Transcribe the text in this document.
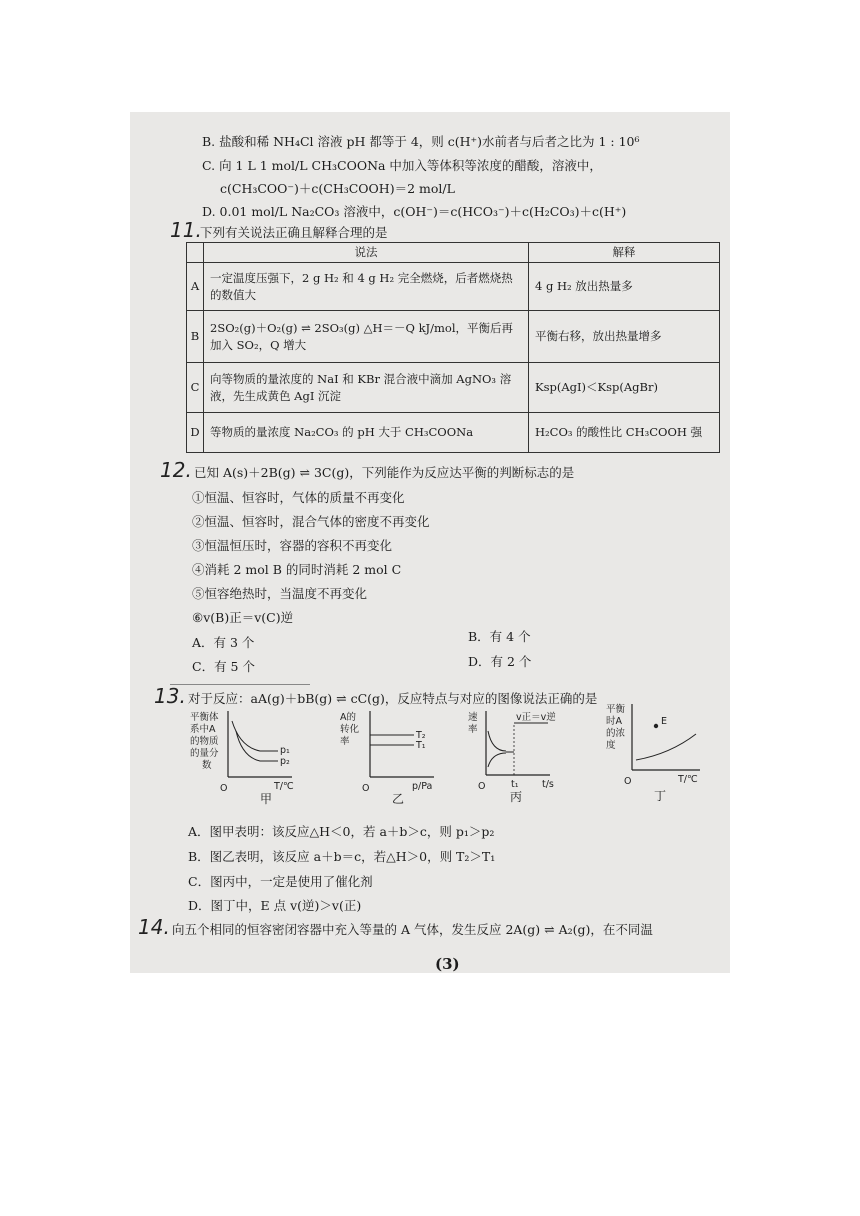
B. 盐酸和稀 NH₄Cl 溶液 pH 都等于 4，则 c(H⁺)水前者与后者之比为 1 : 10⁶
C. 向 1 L 1 mol/L CH₃COONa 中加入等体积等浓度的醋酸，溶液中，
c(CH₃COO⁻)＋c(CH₃COOH)＝2 mol/L
D. 0.01 mol/L Na₂CO₃ 溶液中，c(OH⁻)＝c(HCO₃⁻)＋c(H₂CO₃)＋c(H⁺)
11.
下列有关说法正确且解释合理的是
	说法	解释
A	一定温度压强下，2 g H₂ 和 4 g H₂ 完全燃烧，后者燃烧热的数值大	4 g H₂ 放出热量多
B	2SO₂(g)＋O₂(g) ⇌ 2SO₃(g) △H＝－Q kJ/mol，平衡后再加入 SO₂，Q 增大	平衡右移，放出热量增多
C	向等物质的量浓度的 NaI 和 KBr 混合液中滴加 AgNO₃ 溶液，先生成黄色 AgI 沉淀	Ksp(AgI)＜Ksp(AgBr)
D	等物质的量浓度 Na₂CO₃ 的 pH 大于 CH₃COONa	H₂CO₃ 的酸性比 CH₃COOH 强
12. 已知 A(s)＋2B(g) ⇌ 3C(g)，下列能作为反应达平衡的判断标志的是
①恒温、恒容时，气体的质量不再变化
②恒温、恒容时，混合气体的密度不再变化
③恒温恒压时，容器的容积不再变化
④消耗 2 mol B 的同时消耗 2 mol C
⑤恒容绝热时，当温度不再变化
⑥v(B)正＝v(C)逆
A．有 3 个	B．有 4 个
C．有 5 个	D．有 2 个
13. 对于反应：aA(g)＋bB(g) ⇌ cC(g)，反应特点与对应的图像说法正确的是
平衡体
系中A
的物质
的量分
数
p₁
p₂
O	T/℃
甲
A的
转化
率
T₂
T₁
O	p/Pa
乙
速
率
v正＝v逆
O	t₁ t/s
丙
平衡
时A
的浓
度
E
O	T/℃
丁
A．图甲表明：该反应△H＜0，若 a＋b＞c，则 p₁＞p₂
B．图乙表明，该反应 a＋b＝c，若△H＞0，则 T₂＞T₁
C．图丙中，一定是使用了催化剂
D．图丁中，E 点 v(逆)＞v(正)
14. 向五个相同的恒容密闭容器中充入等量的 A 气体，发生反应 2A(g) ⇌ A₂(g)，在不同温
(3)
